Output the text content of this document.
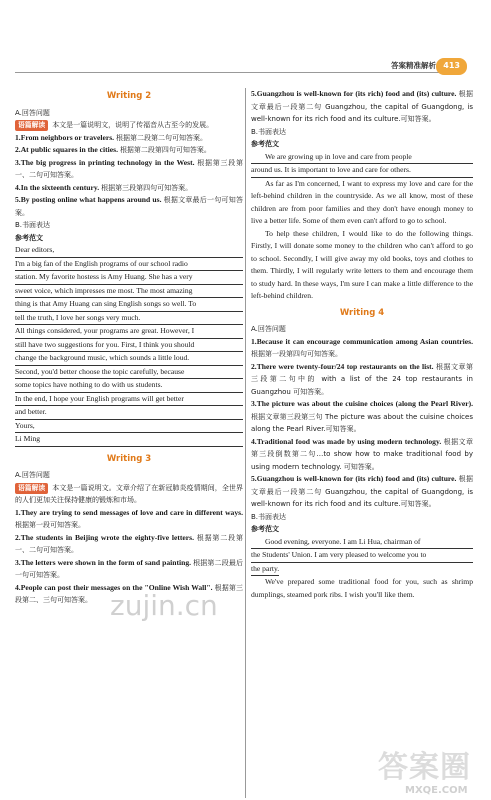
答案精准解析 413
Writing 2

A.回答问题

语篇解读 本文是一篇说明文，说明了传福音从古至今的发展。

1.From neighbors or travelers. 根据第二段第二句可知答案。

2.At public squares in the cities. 根据第二段第四句可知答案。

3.The big progress in printing technology in the West. 根据第三段第一、二句可知答案。

4.In the sixteenth century. 根据第三段第四句可知答案。

5.By posting online what happens around us. 根据文章最后一句可知答案。

B.书面表达

参考范文

Dear editors,

I'm a big fan of the English programs of our school radio

station. My favorite hostess is Amy Huang. She has a very

sweet voice, which impresses me most. The most amazing

thing is that Amy Huang can sing English songs so well. To

tell the truth, I love her songs very much.

All things considered, your programs are great. However, I

still have two suggestions for you. First, I think you should

change the background music, which sounds a little loud.

Second, you'd better choose the topic carefully, because

some topics have nothing to do with us students.

In the end, I hope your English programs will get better

and better.

Yours,

Li Ming

Writing 3

A.回答问题

语篇解读 本文是一篇说明文。文章介绍了在新冠肺炎疫情期间，全世界的人们更加关注保持健康的锻炼和市场。

1.They are trying to send messages of love and care in different ways. 根据第一段可知答案。

2.The students in Beijing wrote the eighty-five letters. 根据第二段第一、二句可知答案。

3.The letters were shown in the form of sand painting. 根据第二段最后一句可知答案。

4.People can post their messages on the "Online Wish Wall". 根据第三段第二、三句可知答案。

5.Guangzhou is well-known for (its rich) food and (its) culture. 根据文章最后一段第二句 Guangzhou, the capital of Guangdong, is well-known for its rich food and its culture.可知答案。

B.书面表达

参考范文

We are growing up in love and care from people

around us. It is important to love and care for others.

As far as I'm concerned, I want to express my love and care for the left-behind children in the countryside. As we all know, most of these children are from poor families and they don't have enough money to live a better life. Some of them even can't afford to go to school.

To help these children, I would like to do the following things. Firstly, I will donate some money to the children who can't afford to go to school. Secondly, I will give away my old books, toys and clothes to them. Thirdly, I will regularly write letters to them and encourage them to study hard. In these ways, I'm sure I can make a little difference to the left-behind children.

Writing 4

A.回答问题

1.Because it can encourage communication among Asian countries. 根据第一段第四句可知答案。

2.There were twenty-four/24 top restaurants on the list. 根据文章第三段第二句中的 with a list of the 24 top restaurants in Guangzhou 可知答案。

3.The picture was about the cuisine choices (along the Pearl River). 根据文章第三段第三句 The picture was about the cuisine choices along the Pearl River.可知答案。

4.Traditional food was made by using modern technology. 根据文章第三段倒数第二句…to show how to make traditional food by using modern technology. 可知答案。

5.Guangzhou is well-known for (its rich) food and (its) culture. 根据文章最后一段第二句 Guangzhou, the capital of Guangdong, is well-known for its rich food and its culture.可知答案。

B.书面表达

参考范文

Good evening, everyone. I am Li Hua, chairman of

the Students' Union. I am very pleased to welcome you to

the party.

We've prepared some traditional food for you, such as shrimp dumplings, steamed pork ribs. I wish you'll like them.

zujin.cn
答案圈
MXQE.COM
